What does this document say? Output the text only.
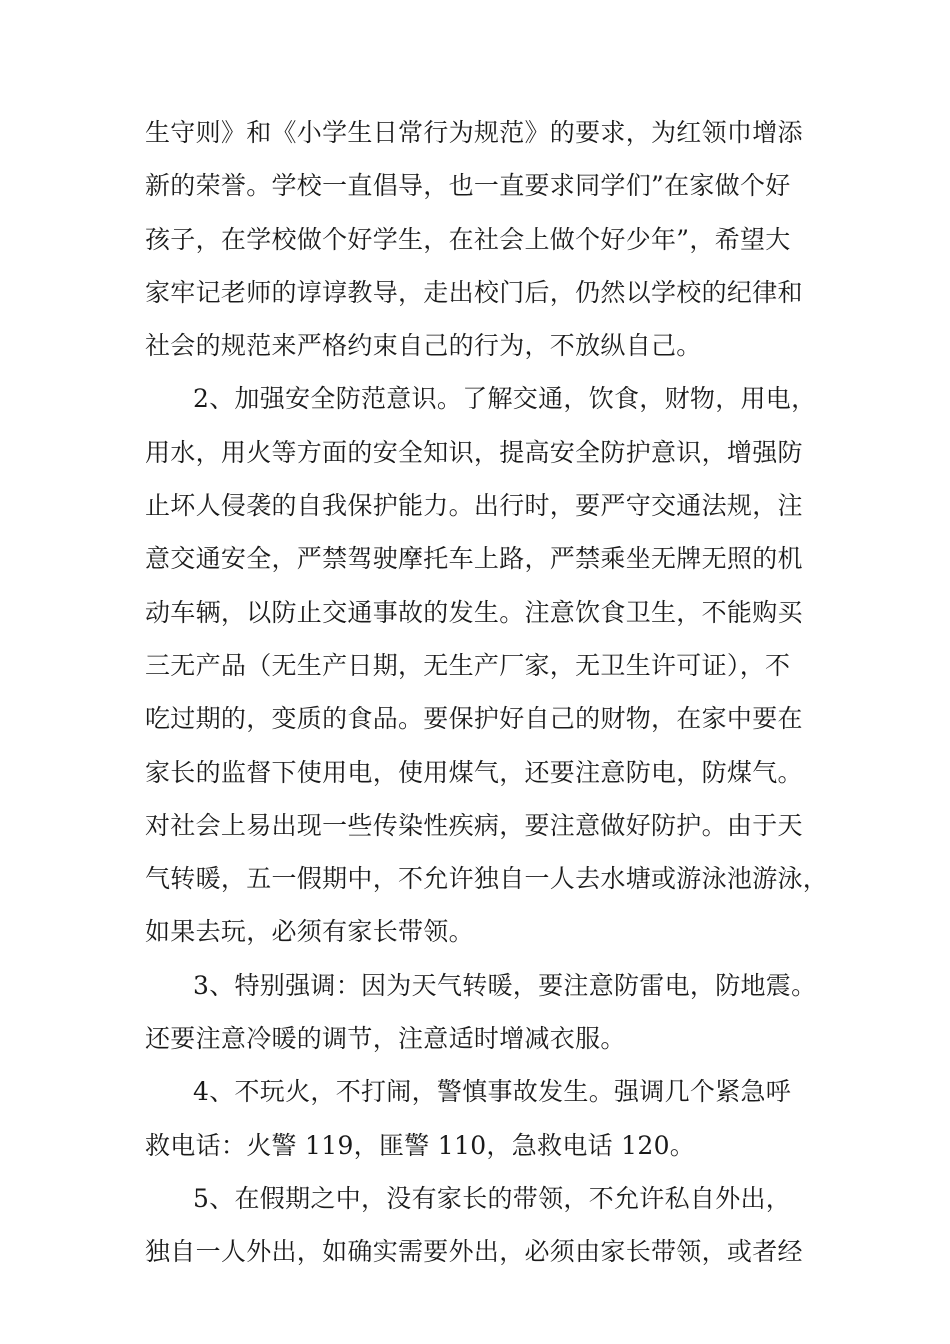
生守则》和《小学生日常行为规范》的要求，为红领巾增添
新的荣誉。学校一直倡导，也一直要求同学们”在家做个好
孩子，在学校做个好学生，在社会上做个好少年”，希望大
家牢记老师的谆谆教导，走出校门后，仍然以学校的纪律和
社会的规范来严格约束自己的行为，不放纵自己。
2、加强安全防范意识。了解交通，饮食，财物，用电，
用水，用火等方面的安全知识，提高安全防护意识，增强防
止坏人侵袭的自我保护能力。出行时，要严守交通法规，注
意交通安全，严禁驾驶摩托车上路，严禁乘坐无牌无照的机
动车辆，以防止交通事故的发生。注意饮食卫生，不能购买
三无产品（无生产日期，无生产厂家，无卫生许可证），不
吃过期的，变质的食品。要保护好自己的财物，在家中要在
家长的监督下使用电，使用煤气，还要注意防电，防煤气。
对社会上易出现一些传染性疾病，要注意做好防护。由于天
气转暖，五一假期中，不允许独自一人去水塘或游泳池游泳，
如果去玩，必须有家长带领。
3、特别强调：因为天气转暖，要注意防雷电，防地震。
还要注意冷暖的调节，注意适时增减衣服。
4、不玩火，不打闹，警慎事故发生。强调几个紧急呼
救电话：火警 119，匪警 110，急救电话 120。
5、在假期之中，没有家长的带领，不允许私自外出，
独自一人外出，如确实需要外出，必须由家长带领，或者经
